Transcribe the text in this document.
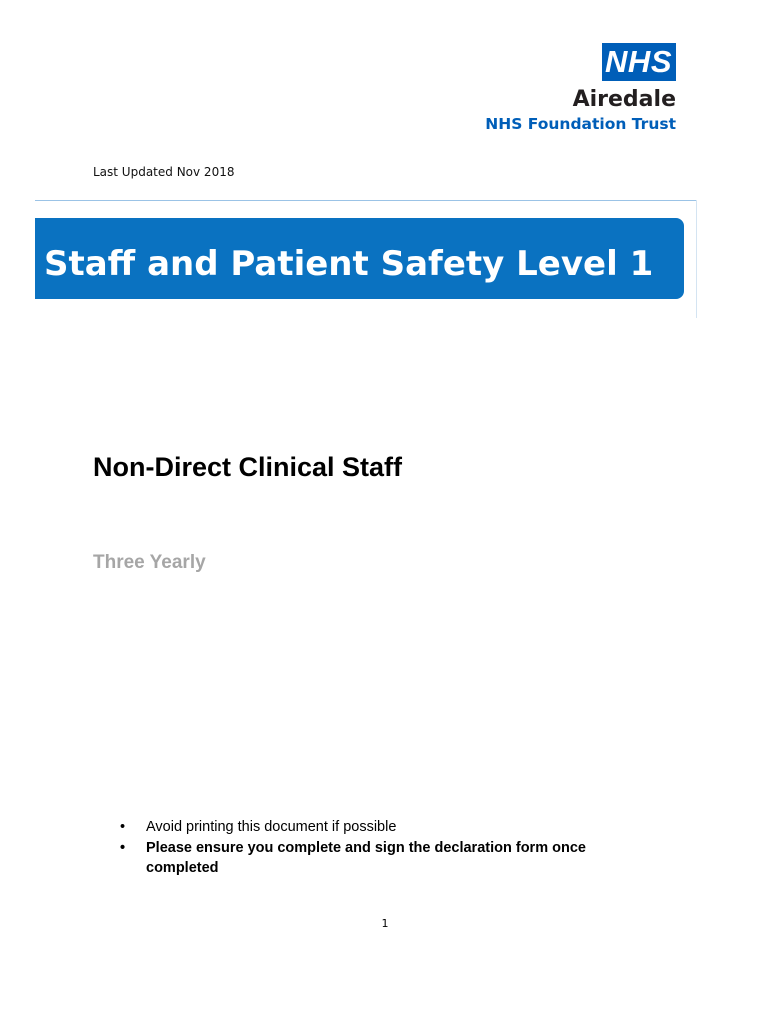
NHS
Airedale
NHS Foundation Trust
Last Updated Nov 2018
Staff and Patient Safety Level 1
Non-Direct Clinical Staff
Three Yearly
• Avoid printing this document if possible
• Please ensure you complete and sign the declaration form once completed
1
